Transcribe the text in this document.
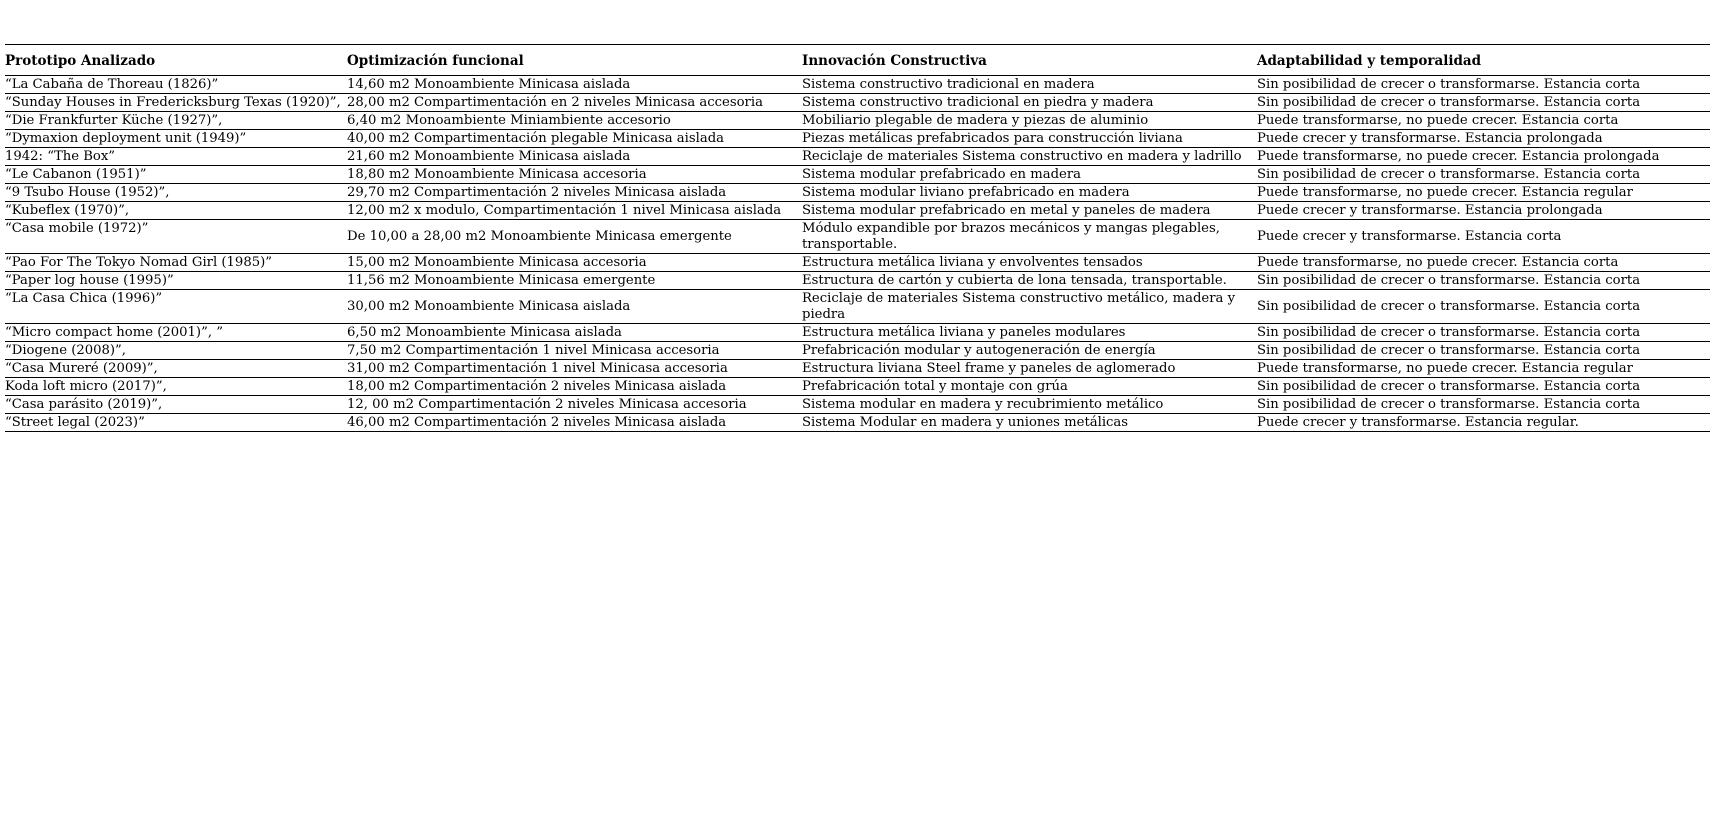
Prototipo Analizado	Optimización funcional	Innovación Constructiva	Adaptabilidad y temporalidad
“La Cabaña de Thoreau (1826)”	14,60 m2 Monoambiente Minicasa aislada	Sistema constructivo tradicional en madera	Sin posibilidad de crecer o transformarse. Estancia corta
“Sunday Houses in Fredericksburg Texas (1920)”,	28,00 m2 Compartimentación en 2 niveles Minicasa accesoria	Sistema constructivo tradicional en piedra y madera	Sin posibilidad de crecer o transformarse. Estancia corta
“Die Frankfurter Küche (1927)”,	6,40 m2 Monoambiente Miniambiente accesorio	Mobiliario plegable de madera y piezas de aluminio	Puede transformarse, no puede crecer. Estancia corta
“Dymaxion deployment unit (1949)”	40,00 m2 Compartimentación plegable Minicasa aislada	Piezas metálicas prefabricados para construcción liviana	Puede crecer y transformarse. Estancia prolongada
1942: “The Box”	21,60 m2 Monoambiente Minicasa aislada	Reciclaje de materiales Sistema constructivo en madera y ladrillo	Puede transformarse, no puede crecer. Estancia prolongada
“Le Cabanon (1951)”	18,80 m2 Monoambiente Minicasa accesoria	Sistema modular prefabricado en madera	Sin posibilidad de crecer o transformarse. Estancia corta
“9 Tsubo House (1952)”,	29,70 m2 Compartimentación 2 niveles Minicasa aislada	Sistema modular liviano prefabricado en madera	Puede transformarse, no puede crecer. Estancia regular
“Kubeflex (1970)”,	12,00 m2 x modulo, Compartimentación 1 nivel Minicasa aislada	Sistema modular prefabricado en metal y paneles de madera	Puede crecer y transformarse. Estancia prolongada
“Casa mobile (1972)”	De 10,00 a 28,00 m2 Monoambiente Minicasa emergente	Módulo expandible por brazos mecánicos y mangas plegables, transportable.	Puede crecer y transformarse. Estancia corta
“Pao For The Tokyo Nomad Girl (1985)”	15,00 m2 Monoambiente Minicasa accesoria	Estructura metálica liviana y envolventes tensados	Puede transformarse, no puede crecer. Estancia corta
“Paper log house (1995)”	11,56 m2 Monoambiente Minicasa emergente	Estructura de cartón y cubierta de lona tensada, transportable.	Sin posibilidad de crecer o transformarse. Estancia corta
“La Casa Chica (1996)”	30,00 m2 Monoambiente Minicasa aislada	Reciclaje de materiales Sistema constructivo metálico, madera y piedra	Sin posibilidad de crecer o transformarse. Estancia corta
“Micro compact home (2001)”, ”	6,50 m2 Monoambiente Minicasa aislada	Estructura metálica liviana y paneles modulares	Sin posibilidad de crecer o transformarse. Estancia corta
“Diogene (2008)”,	7,50 m2 Compartimentación 1 nivel Minicasa accesoria	Prefabricación modular y autogeneración de energía	Sin posibilidad de crecer o transformarse. Estancia corta
“Casa Mureré (2009)”,	31,00 m2 Compartimentación 1 nivel Minicasa accesoria	Estructura liviana Steel frame y paneles de aglomerado	Puede transformarse, no puede crecer. Estancia regular
Koda loft micro (2017)”,	18,00 m2 Compartimentación 2 niveles Minicasa aislada	Prefabricación total y montaje con grúa	Sin posibilidad de crecer o transformarse. Estancia corta
“Casa parásito (2019)”,	12, 00 m2 Compartimentación 2 niveles Minicasa accesoria	Sistema modular en madera y recubrimiento metálico	Sin posibilidad de crecer o transformarse. Estancia corta
“Street legal (2023)”	46,00 m2 Compartimentación 2 niveles Minicasa aislada	Sistema Modular en madera y uniones metálicas	Puede crecer y transformarse. Estancia regular.
